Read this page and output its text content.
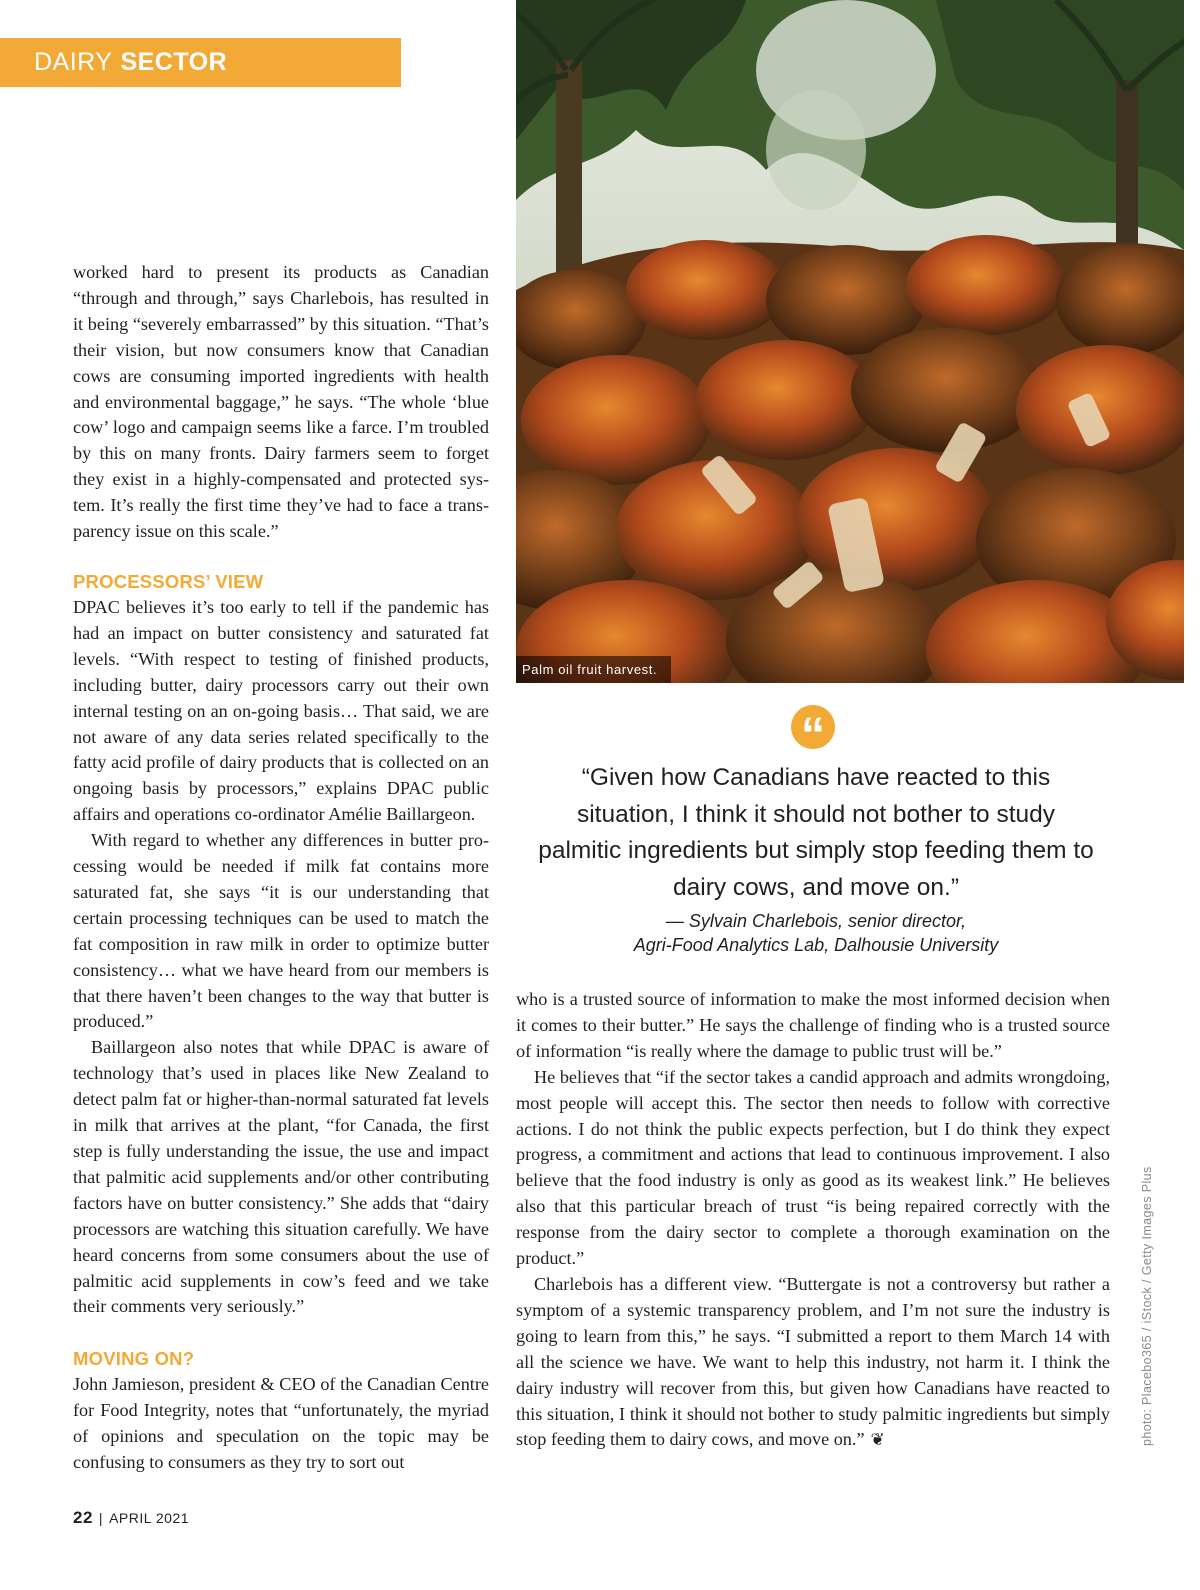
DAIRY SECTOR
Palm oil fruit harvest.

worked hard to present its products as Canadian “through and through,” says Charlebois, has resulted in it being “severely embarrassed” by this situation. “That’s their vision, but now consumers know that Canadian cows are consuming imported ingredients with health and environmental baggage,” he says. “The whole ‘blue cow’ logo and campaign seems like a farce. I’m troubled by this on many fronts. Dairy farmers seem to forget they exist in a highly-compensated and protected system. It’s really the first time they’ve had to face a transparency issue on this scale.”

PROCESSORS’ VIEW

DPAC believes it’s too early to tell if the pandemic has had an impact on butter consistency and saturated fat levels. “With respect to testing of finished products, including butter, dairy processors carry out their own internal testing on an on-going basis… That said, we are not aware of any data series related specifically to the fatty acid profile of dairy products that is collected on an ongoing basis by processors,” explains DPAC public affairs and operations co-ordinator Amélie Baillargeon.

With regard to whether any differences in butter processing would be needed if milk fat contains more saturated fat, she says “it is our understanding that certain processing techniques can be used to match the fat composition in raw milk in order to optimize butter consistency… what we have heard from our members is that there haven’t been changes to the way that butter is produced.”

Baillargeon also notes that while DPAC is aware of technology that’s used in places like New Zealand to detect palm fat or higher-than-normal saturated fat levels in milk that arrives at the plant, “for Canada, the first step is fully understanding the issue, the use and impact that palmitic acid supplements and/or other contributing factors have on butter consistency.” She adds that “dairy processors are watching this situation carefully. We have heard concerns from some consumers about the use of palmitic acid supplements in cow’s feed and we take their comments very seriously.”

MOVING ON?

John Jamieson, president & CEO of the Canadian Centre for Food Integrity, notes that “unfortunately, the myriad of opinions and speculation on the topic may be confusing to consumers as they try to sort out

“
“Given how Canadians have reacted to this situation, I think it should not bother to study palmitic ingredients but simply stop feeding them to dairy cows, and move on.”
— Sylvain Charlebois, senior director,
Agri-Food Analytics Lab, Dalhousie University

who is a trusted source of information to make the most informed decision when it comes to their butter.” He says the challenge of finding who is a trusted source of information “is really where the damage to public trust will be.”

He believes that “if the sector takes a candid approach and admits wrongdoing, most people will accept this. The sector then needs to follow with corrective actions. I do not think the public expects perfection, but I do think they expect progress, a commitment and actions that lead to continuous improvement. I also believe that the food industry is only as good as its weakest link.” He believes also that this particular breach of trust “is being repaired correctly with the response from the dairy sector to complete a thorough examination on the product.”

Charlebois has a different view. “Buttergate is not a controversy but rather a symptom of a systemic transparency problem, and I’m not sure the industry is going to learn from this,” he says. “I submitted a report to them March 14 with all the science we have. We want to help this industry, not harm it. I think the dairy industry will recover from this, but given how Canadians have reacted to this situation, I think it should not bother to study palmitic ingredients but simply stop feeding them to dairy cows, and move on.” ❦

22 | APRIL 2021
photo: Placebo365 / iStock / Getty Images Plus
